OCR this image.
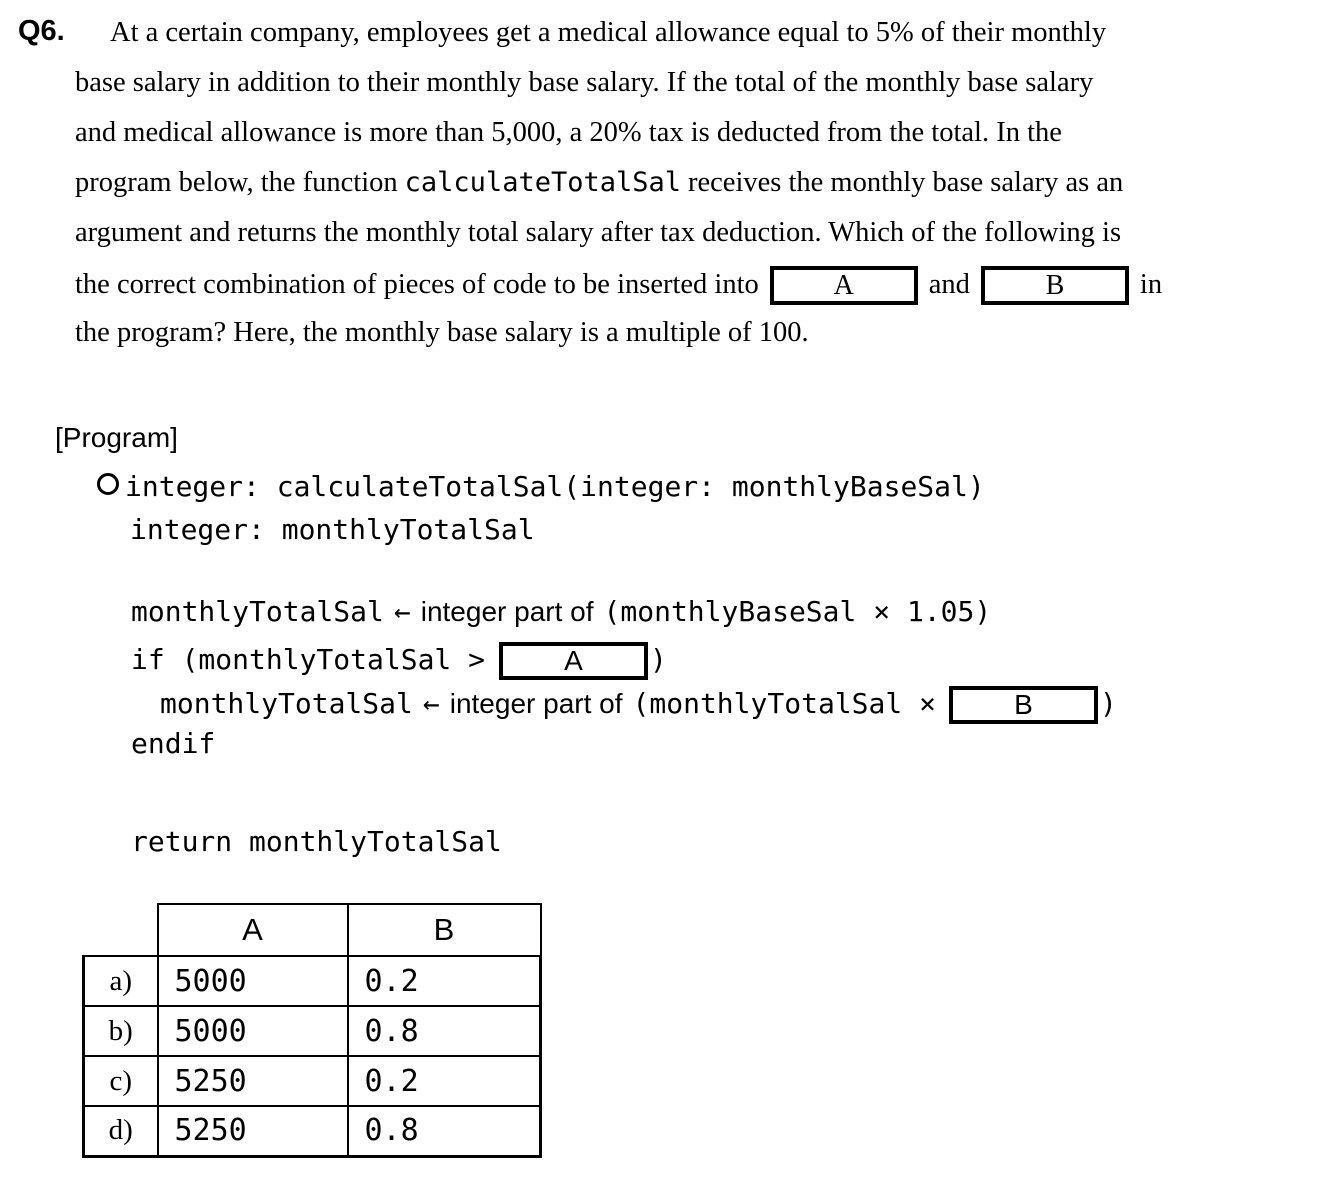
Q6. At a certain company, employees get a medical allowance equal to 5% of their monthly
base salary in addition to their monthly base salary. If the total of the monthly base salary
and medical allowance is more than 5,000, a 20% tax is deducted from the total. In the
program below, the function calculateTotalSal receives the monthly base salary as an
argument and returns the monthly total salary after tax deduction. Which of the following is
the correct combination of pieces of code to be inserted into	A	and	B	in
the program? Here, the monthly base salary is a multiple of 100.
[Program]
integer: calculateTotalSal(integer: monthlyBaseSal)
integer: monthlyTotalSal
monthlyTotalSal ← integer part of (monthlyBaseSal × 1.05)
if (monthlyTotalSal >	A )
monthlyTotalSal ← integer part of (monthlyTotalSal ×	B )
endif
return monthlyTotalSal
	A	B
a)	5000	0.2
b)	5000	0.8
c)	5250	0.2
d)	5250	0.8
